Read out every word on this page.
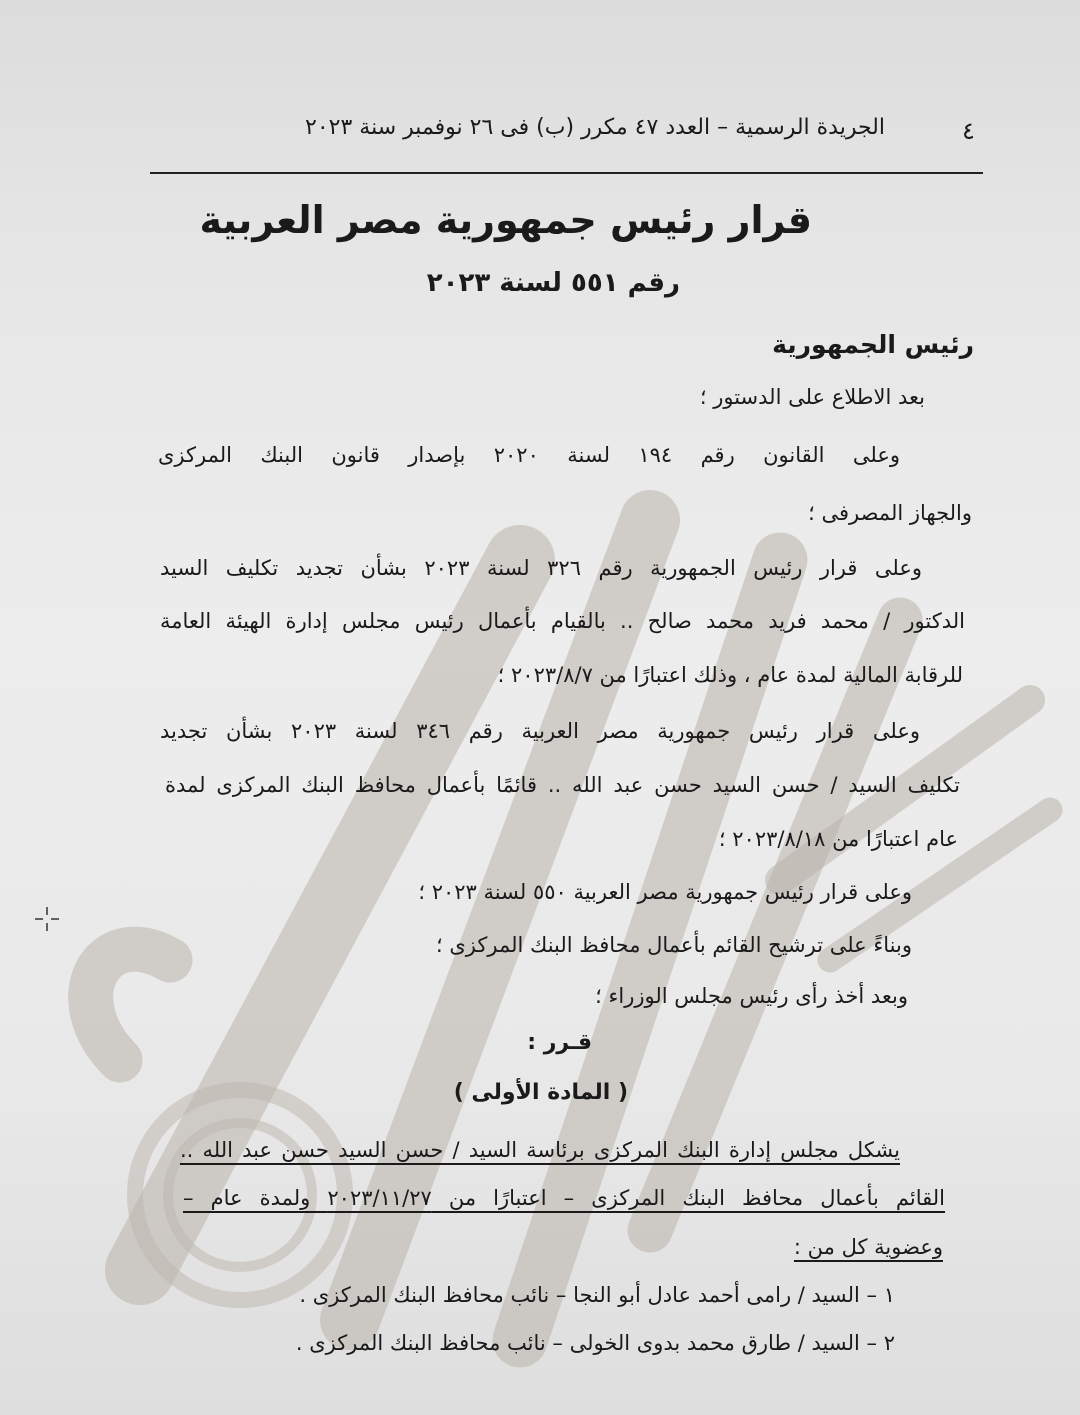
٤
الجريدة الرسمية – العدد ٤٧ مكرر (ب) فى ٢٦ نوفمبر سنة ٢٠٢٣
قرار رئيس جمهورية مصر العربية
رقم ٥٥١ لسنة ٢٠٢٣
رئيس الجمهورية
بعد الاطلاع على الدستور ؛
وعلى القانون رقم ١٩٤ لسنة ٢٠٢٠ بإصدار قانون البنك المركزى
والجهاز المصرفى ؛
وعلى قرار رئيس الجمهورية رقم ٣٢٦ لسنة ٢٠٢٣ بشأن تجديد تكليف السيد
الدكتور / محمد فريد محمد صالح .. بالقيام بأعمال رئيس مجلس إدارة الهيئة العامة
للرقابة المالية لمدة عام ، وذلك اعتبارًا من ٢٠٢٣/٨/٧ ؛
وعلى قرار رئيس جمهورية مصر العربية رقم ٣٤٦ لسنة ٢٠٢٣ بشأن تجديد
تكليف السيد / حسن السيد حسن عبد الله .. قائمًا بأعمال محافظ البنك المركزى لمدة
عام اعتبارًا من ٢٠٢٣/٨/١٨ ؛
وعلى قرار رئيس جمهورية مصر العربية ٥٥٠ لسنة ٢٠٢٣ ؛
وبناءً على ترشيح القائم بأعمال محافظ البنك المركزى ؛
وبعد أخذ رأى رئيس مجلس الوزراء ؛
قـرر :
( المادة الأولى )
يشكل مجلس إدارة البنك المركزى برئاسة السيد / حسن السيد حسن عبد الله ..
القائم بأعمال محافظ البنك المركزى – اعتبارًا من ٢٠٢٣/١١/٢٧ ولمدة عام –
وعضوية كل من :
١ – السيد / رامى أحمد عادل أبو النجا – نائب محافظ البنك المركزى .
٢ – السيد / طارق محمد بدوى الخولى – نائب محافظ البنك المركزى .
